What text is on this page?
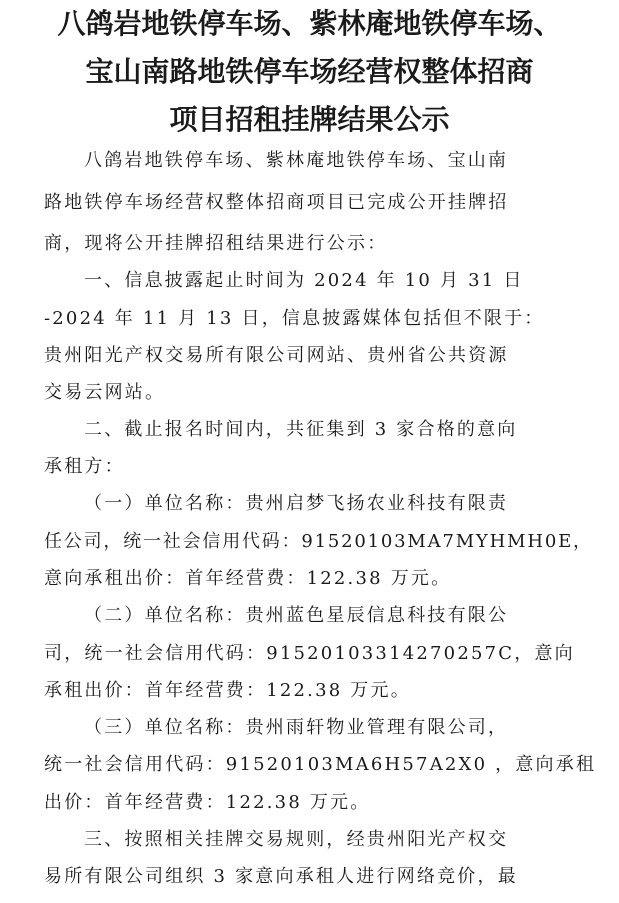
八鸽岩地铁停车场、紫林庵地铁停车场、
宝山南路地铁停车场经营权整体招商
项目招租挂牌结果公示

八鸽岩地铁停车场、紫林庵地铁停车场、宝山南

路地铁停车场经营权整体招商项目已完成公开挂牌招

商，现将公开挂牌招租结果进行公示：

一、信息披露起止时间为 2024 年 10 月 31 日

-2024 年 11 月 13 日，信息披露媒体包括但不限于：

贵州阳光产权交易所有限公司网站、贵州省公共资源

交易云网站。

二、截止报名时间内，共征集到 3 家合格的意向

承租方：

（一）单位名称：贵州启梦飞扬农业科技有限责

任公司，统一社会信用代码：91520103MA7MYHMH0E，

意向承租出价：首年经营费：122.38 万元。

（二）单位名称：贵州蓝色星辰信息科技有限公

司，统一社会信用代码：91520103314270257C，意向

承租出价：首年经营费：122.38 万元。

（三）单位名称：贵州雨轩物业管理有限公司，

统一社会信用代码：91520103MA6H57A2X0 ，意向承租

出价：首年经营费：122.38 万元。

三、按照相关挂牌交易规则，经贵州阳光产权交

易所有限公司组织 3 家意向承租人进行网络竞价，最
